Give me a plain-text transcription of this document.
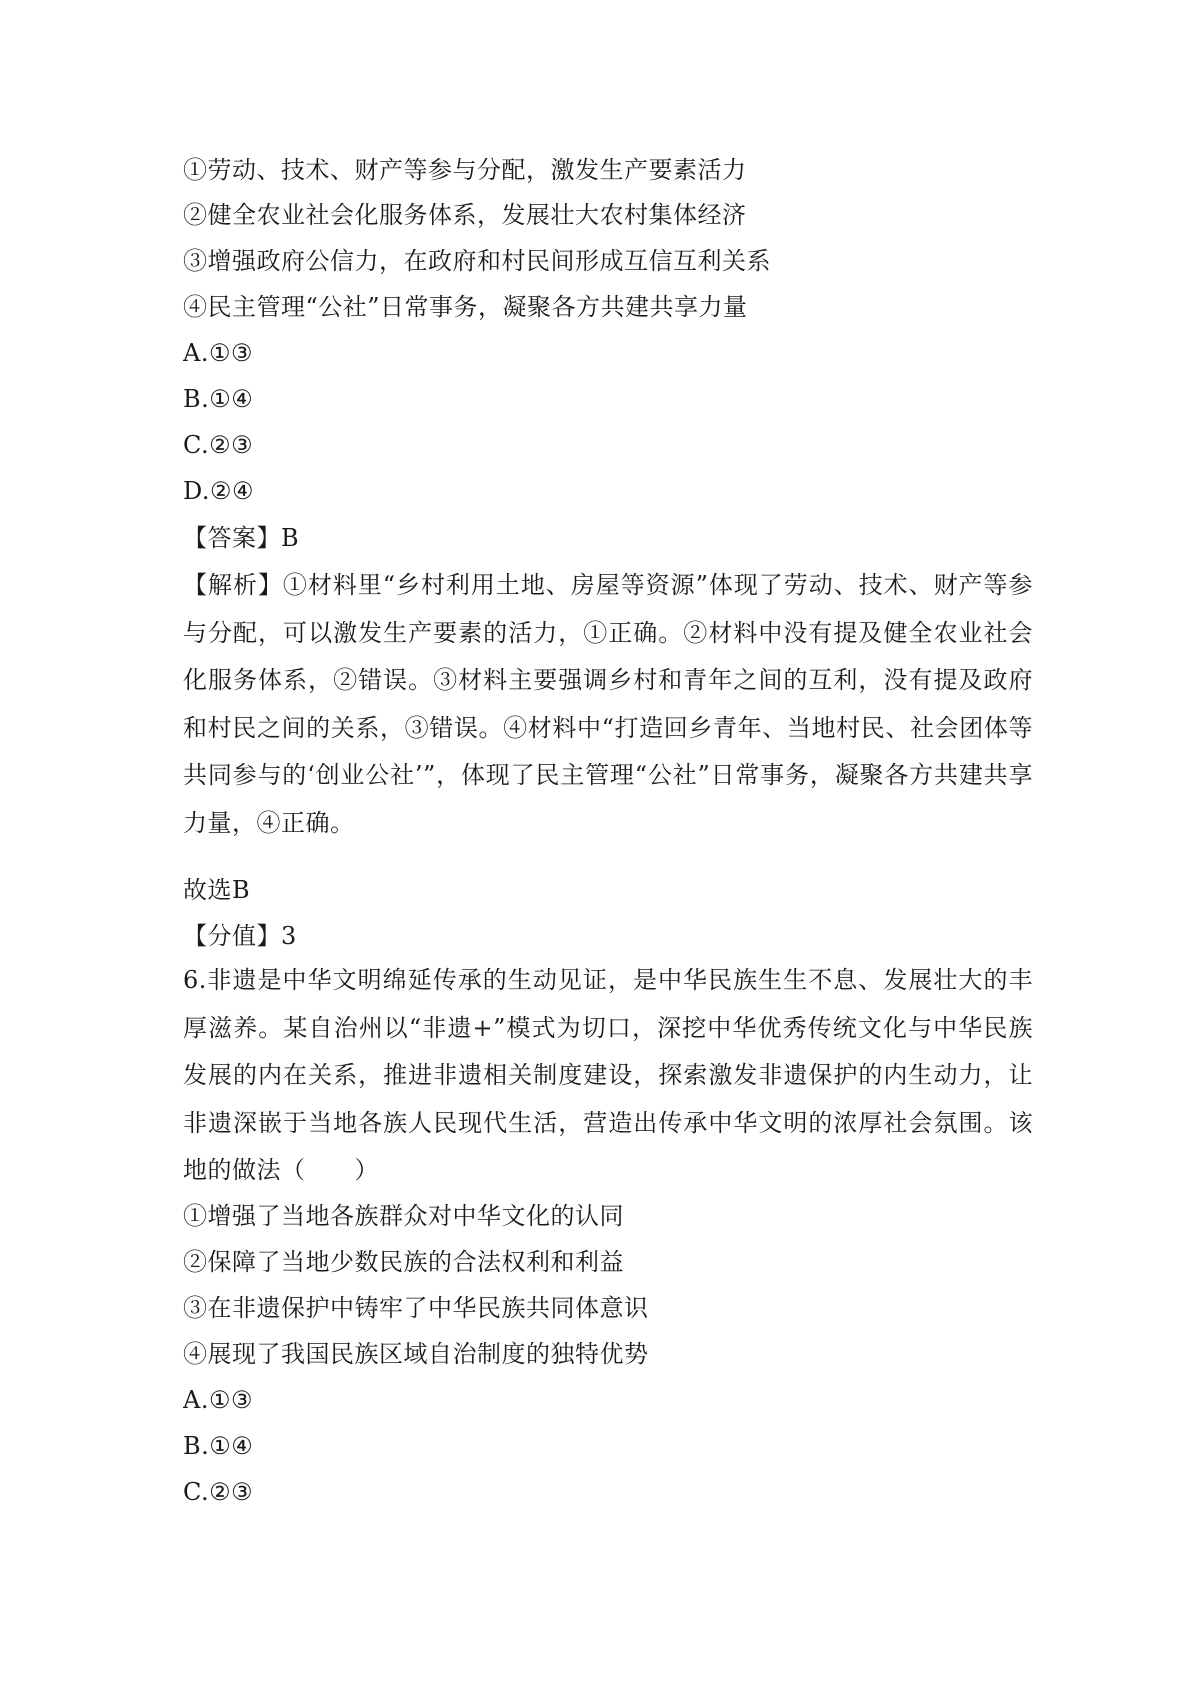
①劳动、技术、财产等参与分配，激发生产要素活力
②健全农业社会化服务体系，发展壮大农村集体经济
③增强政府公信力，在政府和村民间形成互信互利关系
④民主管理“公社”日常事务，凝聚各方共建共享力量
A.①③
B.①④
C.②③
D.②④
【答案】B
【解析】①材料里“乡村利用土地、房屋等资源”体现了劳动、技术、财产等参与分配，可以激发生产要素的活力，①正确。②材料中没有提及健全农业社会化服务体系，②错误。③材料主要强调乡村和青年之间的互利，没有提及政府和村民之间的关系，③错误。④材料中“打造回乡青年、当地村民、社会团体等共同参与的‘创业公社’”，体现了民主管理“公社”日常事务，凝聚各方共建共享力量，④正确。
故选B
【分值】3
6.非遗是中华文明绵延传承的生动见证，是中华民族生生不息、发展壮大的丰厚滋养。某自治州以“非遗+”模式为切口，深挖中华优秀传统文化与中华民族发展的内在关系，推进非遗相关制度建设，探索激发非遗保护的内生动力，让非遗深嵌于当地各族人民现代生活，营造出传承中华文明的浓厚社会氛围。该地的做法（　　）
①增强了当地各族群众对中华文化的认同
②保障了当地少数民族的合法权利和利益
③在非遗保护中铸牢了中华民族共同体意识
④展现了我国民族区域自治制度的独特优势
A.①③
B.①④
C.②③
